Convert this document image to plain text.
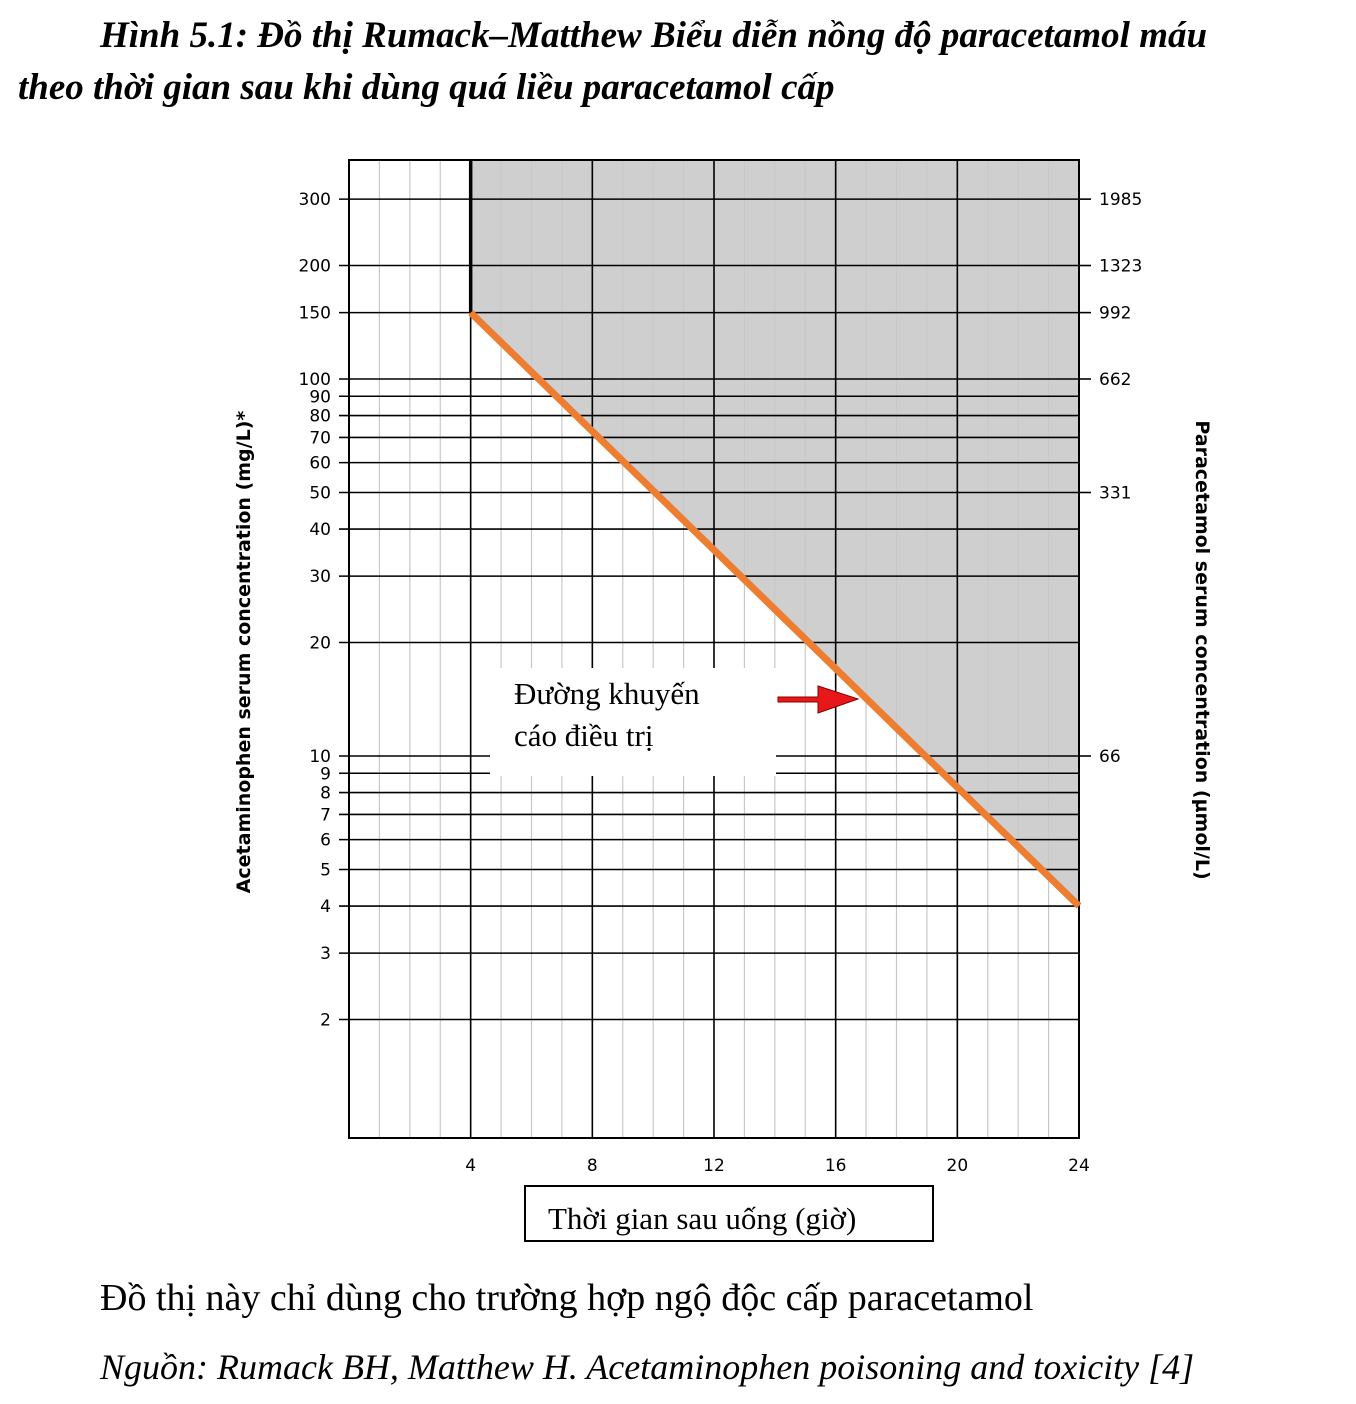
Hình 5.1: Đồ thị Rumack–Matthew Biểu diễn nồng độ paracetamol máu
theo thời gian sau khi dùng quá liều paracetamol cấp
2
3
4
5
6
7
8
9
10
20
30
40
50
60
70
80
90
100
150
200
300	1985
1323
992
662
331
66
4	8	12	16	20	24
Acetaminophen serum concentration (mg/L)*	Paracetamol serum concentration (µmol/L)
Đường khuyến
cáo điều trị
Thời gian sau uống (giờ)
Đồ thị này chỉ dùng cho trường hợp ngộ độc cấp paracetamol
Nguồn: Rumack BH, Matthew H. Acetaminophen poisoning and toxicity [4]
